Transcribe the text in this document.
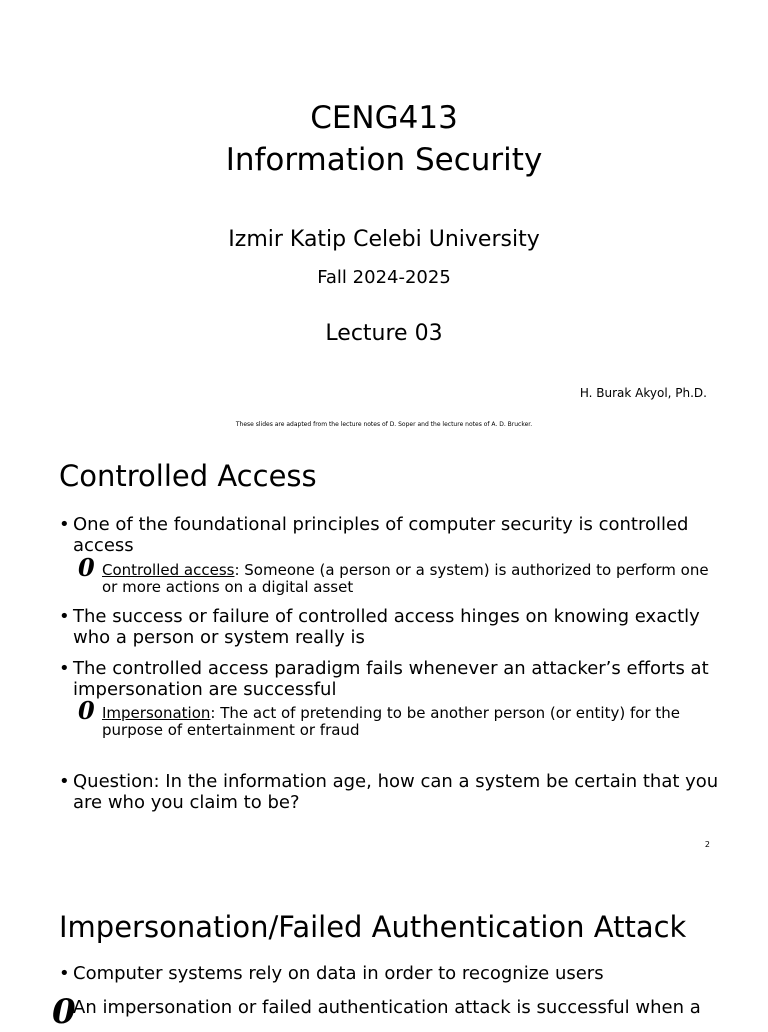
CENG413
Information Security
Izmir Katip Celebi University
Fall 2024-2025
Lecture 03
H. Burak Akyol, Ph.D.
These slides are adapted from the lecture notes of D. Soper and the lecture notes of A. D. Brucker.
Controlled Access
• One of the foundational principles of computer security is controlled access
0 Controlled access: Someone (a person or a system) is authorized to perform one or more actions on a digital asset
• The success or failure of controlled access hinges on knowing exactly who a person or system really is
• The controlled access paradigm fails whenever an attacker’s efforts at impersonation are successful
0 Impersonation: The act of pretending to be another person (or entity) for the purpose of entertainment or fraud
• Question: In the information age, how can a system be certain that you are who you claim to be?
2
Impersonation/Failed Authentication Attack
• Computer systems rely on data in order to recognize users
0
An impersonation or failed authentication attack is successful when a
